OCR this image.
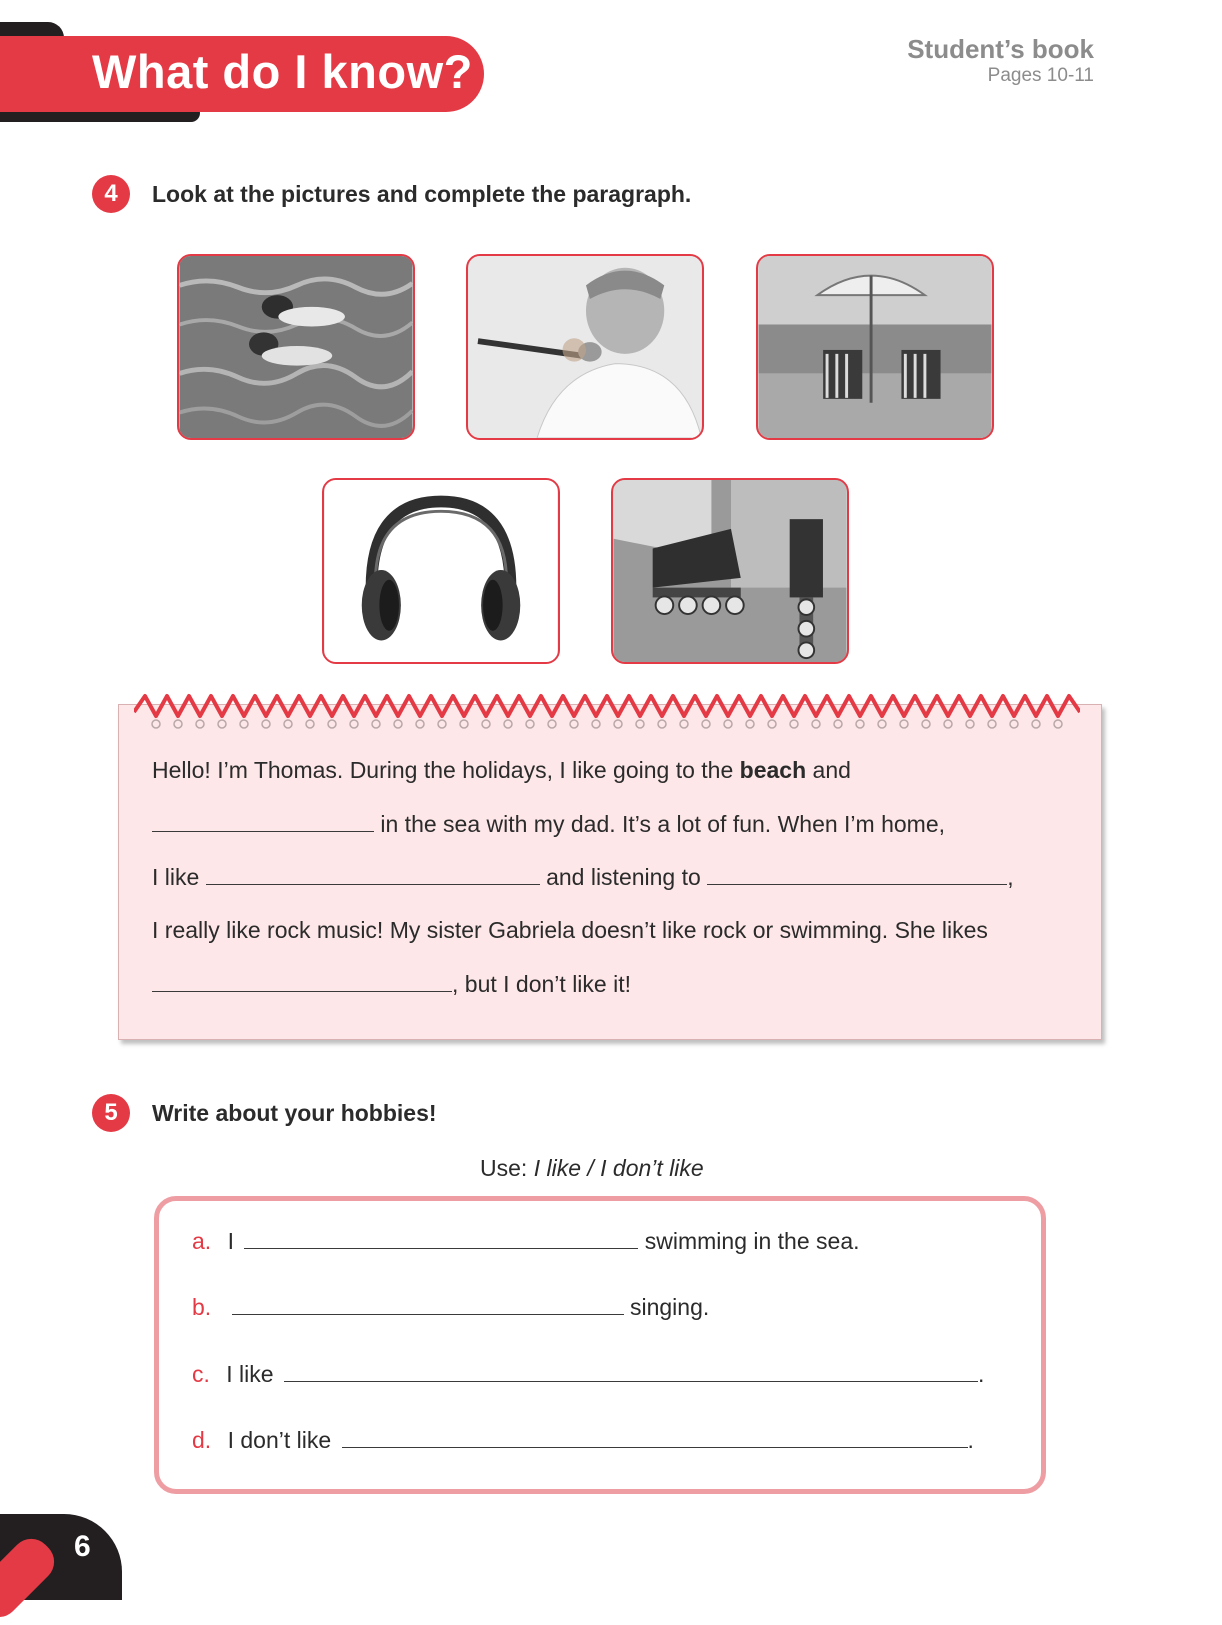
What do I know?	Student’s book
Pages 10-11
4	Look at the pictures and complete the paragraph.
Hello! I’m Thomas. During the holidays, I like going to the beach and
in the sea with my dad. It’s a lot of fun. When I’m home,
I like	and listening to	,
I really like rock music! My sister Gabriela doesn’t like rock or swimming. She likes
, but I don’t like it!
5	Write about your hobbies!
Use: I like / I don’t like
a. I	swimming in the sea.
b.	singing.
c. I like	.
d. I don’t like	.
6
